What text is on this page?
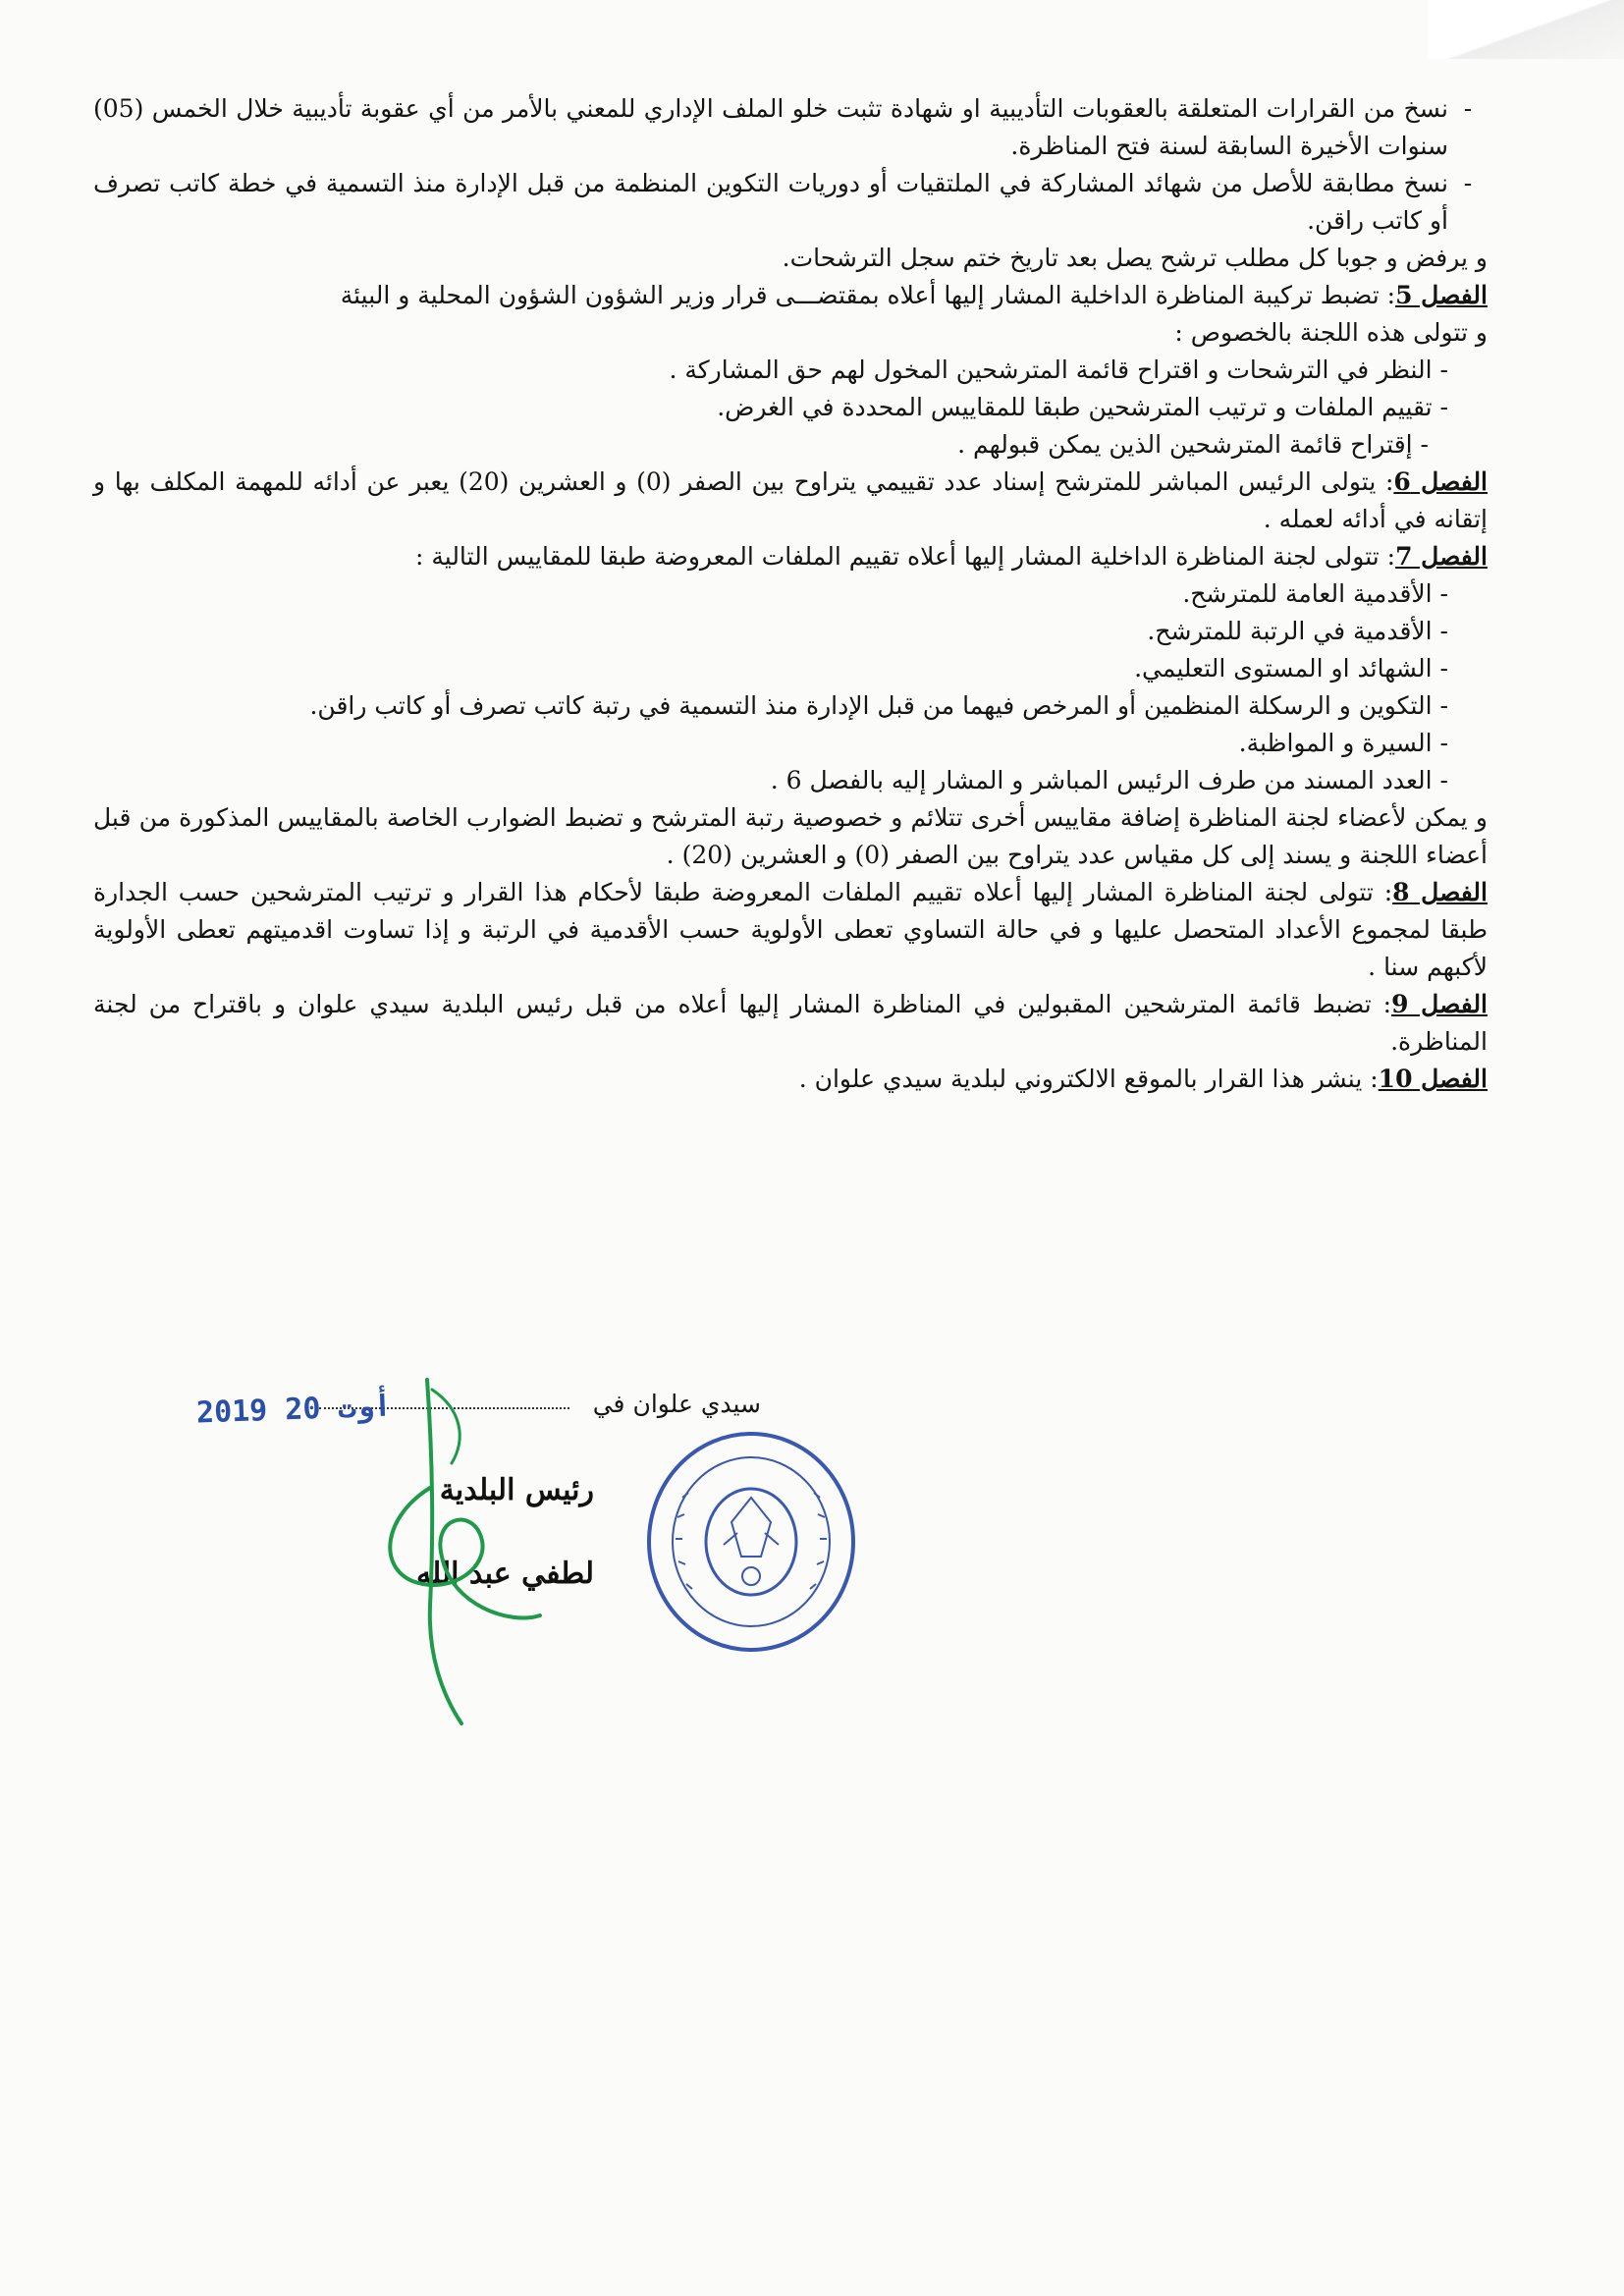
-نسخ من القرارات المتعلقة بالعقوبات التأديبية او شهادة تثبت خلو الملف الإداري للمعني بالأمر من أي عقوبة تأديبية خلال الخمس (05) سنوات الأخيرة السابقة لسنة فتح المناظرة.

-نسخ مطابقة للأصل من شهائد المشاركة في الملتقيات أو دوريات التكوين المنظمة من قبل الإدارة منذ التسمية في خطة كاتب تصرف أو كاتب راقن.

و يرفض و جوبا كل مطلب ترشح يصل بعد تاريخ ختم سجل الترشحات.

الفصل 5: تضبط تركيبة المناظرة الداخلية المشار إليها أعلاه بمقتضـــى قرار وزير الشؤون الشؤون المحلية و البيئة

و تتولى هذه اللجنة بالخصوص :

- النظر في الترشحات و اقتراح قائمة المترشحين المخول لهم حق المشاركة .

- تقييم الملفات و ترتيب المترشحين طبقا للمقاييس المحددة في الغرض.

- إقتراح قائمة المترشحين الذين يمكن قبولهم .

الفصل 6: يتولى الرئيس المباشر للمترشح إسناد عدد تقييمي يتراوح بين الصفر (0) و العشرين (20) يعبر عن أدائه للمهمة المكلف بها و إتقانه في أدائه لعمله .

الفصل 7: تتولى لجنة المناظرة الداخلية المشار إليها أعلاه تقييم الملفات المعروضة طبقا للمقاييس التالية :

- الأقدمية العامة للمترشح.

- الأقدمية في الرتبة للمترشح.

- الشهائد او المستوى التعليمي.

- التكوين و الرسكلة المنظمين أو المرخص فيهما من قبل الإدارة منذ التسمية في رتبة كاتب تصرف أو كاتب راقن.

- السيرة و المواظبة.

- العدد المسند من طرف الرئيس المباشر و المشار إليه بالفصل 6 .

و يمكن لأعضاء لجنة المناظرة إضافة مقاييس أخرى تتلائم و خصوصية رتبة المترشح و تضبط الضوارب الخاصة بالمقاييس المذكورة من قبل أعضاء اللجنة و يسند إلى كل مقياس عدد يتراوح بين الصفر (0) و العشرين (20) .

الفصل 8: تتولى لجنة المناظرة المشار إليها أعلاه تقييم الملفات المعروضة طبقا لأحكام هذا القرار و ترتيب المترشحين حسب الجدارة طبقا لمجموع الأعداد المتحصل عليها و في حالة التساوي تعطى الأولوية حسب الأقدمية في الرتبة و إذا تساوت اقدميتهم تعطى الأولوية لأكبهم سنا .

الفصل 9: تضبط قائمة المترشحين المقبولين في المناظرة المشار إليها أعلاه من قبل رئيس البلدية سيدي علوان و باقتراح من لجنة المناظرة.

الفصل 10: ينشر هذا القرار بالموقع الالكتروني لبلدية سيدي علوان .

سيدي علوان في
2019 أوت 20
رئيس البلدية
لطفي عبد الله
